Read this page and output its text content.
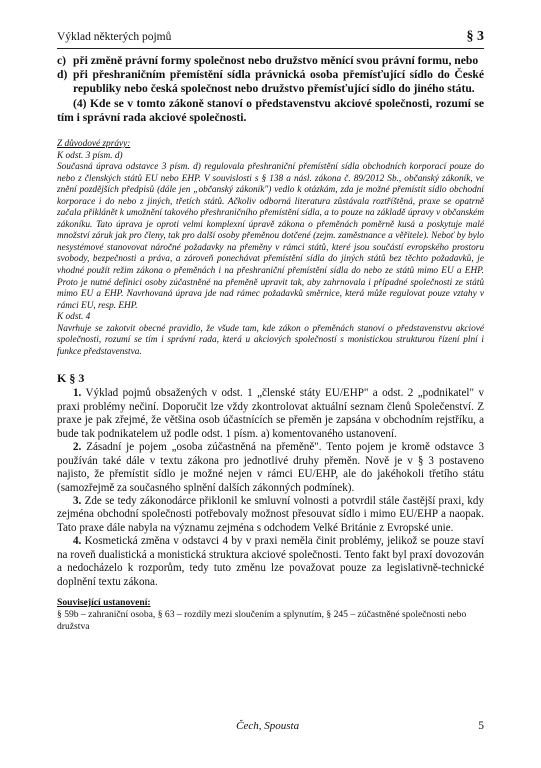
Výklad některých pojmů	§ 3
c) při změně právní formy společnost nebo družstvo měnící svou právní formu, nebo
d) při přeshraničním přemístění sídla právnická osoba přemísťující sídlo do České republiky nebo česká společnost nebo družstvo přemísťující sídlo do jiného státu.

(4) Kde se v tomto zákoně stanoví o představenstvu akciové společnosti, rozumí se tím i správní rada akciové společnosti.

Z důvodové zprávy:

K odst. 3 písm. d)

Současná úprava odstavce 3 písm. d) regulovala přeshraniční přemístění sídla obchodních korporací pouze do nebo z členských států EU nebo EHP. V souvislosti s § 138 a násl. zákona č. 89/2012 Sb., občanský zákoník, ve znění pozdějších předpisů (dále jen „občanský zákoník") vedlo k otázkám, zda je možné přemístit sídlo obchodní korporace i do nebo z jiných, třetích států. Ačkoliv odborná literatura zůstávala roztříštěná, praxe se opatrně začala přiklánět k umožnění takového přeshraničního přemístění sídla, a to pouze na základě úpravy v občanském zákoníku. Tato úprava je oproti velmi komplexní úpravě zákona o přeměnách poměrně kusá a poskytuje malé množství záruk jak pro členy, tak pro další osoby přeměnou dotčené (zejm. zaměstnance a věřitele). Neboť by bylo nesystémové stanovovat náročné požadavky na přeměny v rámci států, které jsou součástí evropského prostoru svobody, bezpečnosti a práva, a zároveň ponechávat přemístění sídla do jiných států bez těchto požadavků, je vhodné použít režim zákona o přeměnách i na přeshraniční přemístění sídla do nebo ze států mimo EU a EHP. Proto je nutné definici osoby zúčastněné na přeměně upravit tak, aby zahrnovala i případné společnosti ze států mimo EU a EHP. Navrhovaná úprava jde nad rámec požadavků směrnice, která může regulovat pouze vztahy v rámci EU, resp. EHP.

K odst. 4

Navrhuje se zakotvit obecné pravidlo, že všude tam, kde zákon o přeměnách stanoví o představenstvu akciové společnosti, rozumí se tím i správní rada, která u akciových společností s monistickou strukturou řízení plní i funkce představenstva.

K § 3

1. Výklad pojmů obsažených v odst. 1 „členské státy EU/EHP" a odst. 2 „podnikatel" v praxi problémy nečiní. Doporučit lze vždy zkontrolovat aktuální seznam členů Společenství. Z praxe je pak zřejmé, že většina osob účastnících se přeměn je zapsána v obchodním rejstříku, a bude tak podnikatelem už podle odst. 1 písm. a) komentovaného ustanovení.

2. Zásadní je pojem „osoba zúčastněná na přeměně". Tento pojem je kromě odstavce 3 používán také dále v textu zákona pro jednotlivé druhy přeměn. Nově je v § 3 postaveno najisto, že přemístit sídlo je možné nejen v rámci EU/EHP, ale do jakéhokoli třetího státu (samozřejmě za současného splnění dalších zákonných podmínek).

3. Zde se tedy zákonodárce přiklonil ke smluvní volnosti a potvrdil stále častější praxi, kdy zejména obchodní společnosti potřebovaly možnost přesouvat sídlo i mimo EU/EHP a naopak. Tato praxe dále nabyla na významu zejména s odchodem Velké Británie z Evropské unie.

4. Kosmetická změna v odstavci 4 by v praxi neměla činit problémy, jelikož se pouze staví na roveň dualistická a monistická struktura akciové společnosti. Tento fakt byl praxí dovozován a nedocházelo k rozporům, tedy tuto změnu lze považovat pouze za legislativně-technické doplnění textu zákona.

Související ustanovení:
§ 59b – zahraniční osoba, § 63 – rozdíly mezi sloučením a splynutím, § 245 – zúčastněné společnosti nebo družstva
Čech, Spousta	5
